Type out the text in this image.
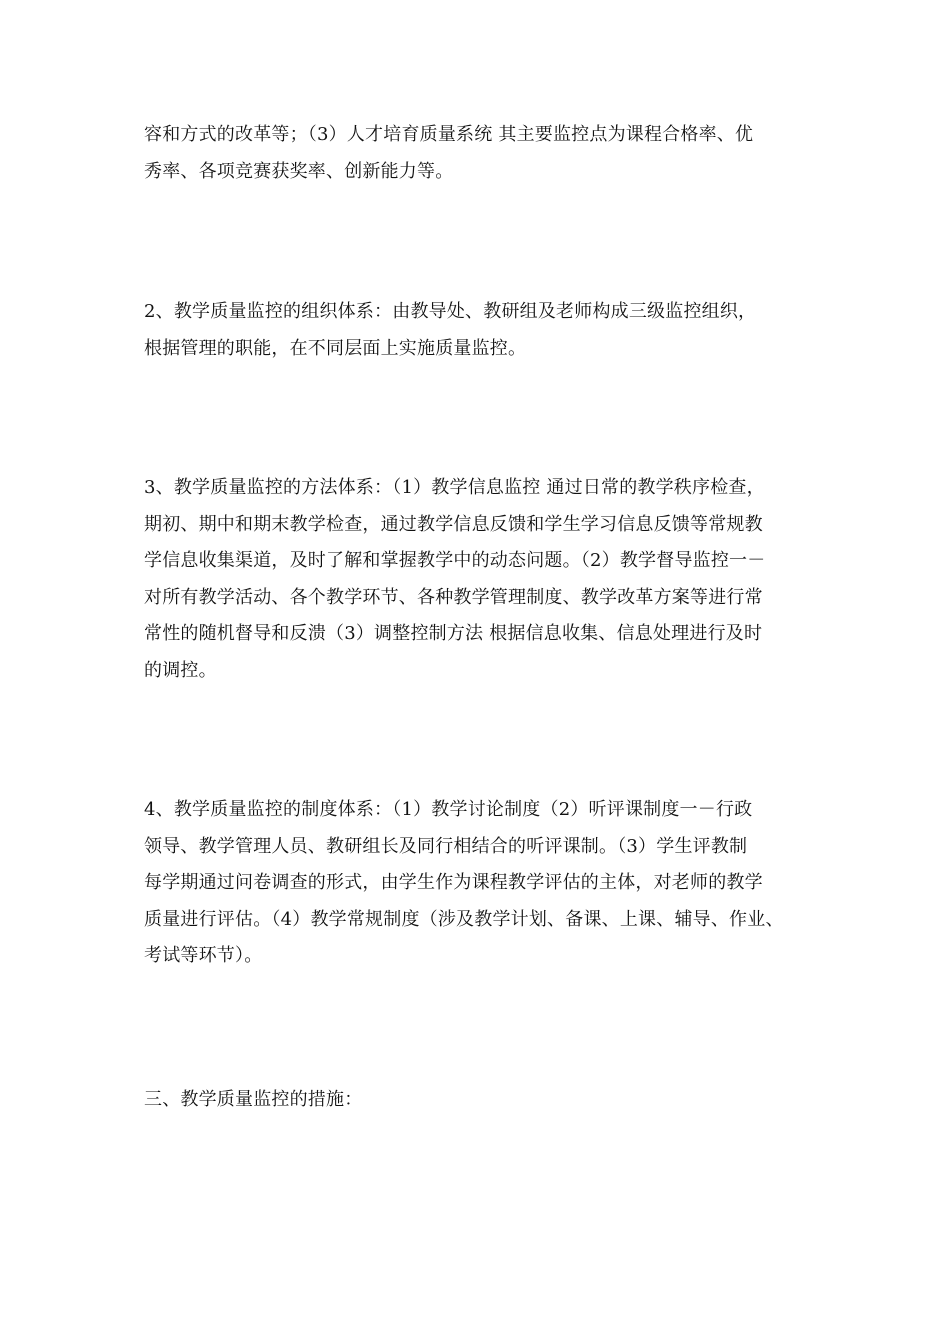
容和方式的改革等；（3）人才培育质量系统 其主要监控点为课程合格率、优
秀率、各项竞赛获奖率、创新能力等。
2、教学质量监控的组织体系：由教导处、教研组及老师构成三级监控组织，
根据管理的职能，在不同层面上实施质量监控。
3、教学质量监控的方法体系：（1）教学信息监控 通过日常的教学秩序检查，
期初、期中和期末教学检查，通过教学信息反馈和学生学习信息反馈等常规教
学信息收集渠道，及时了解和掌握教学中的动态问题。（2）教学督导监控一－
对所有教学活动、各个教学环节、各种教学管理制度、教学改革方案等进行常
常性的随机督导和反溃（3）调整控制方法 根据信息收集、信息处理进行及时
的调控。
4、教学质量监控的制度体系：（1）教学讨论制度（2）听评课制度一－行政
领导、教学管理人员、教研组长及同行相结合的听评课制。（3）学生评教制
每学期通过问卷调查的形式，由学生作为课程教学评估的主体，对老师的教学
质量进行评估。（4）教学常规制度（涉及教学计划、备课、上课、辅导、作业、
考试等环节）。
三、教学质量监控的措施：
